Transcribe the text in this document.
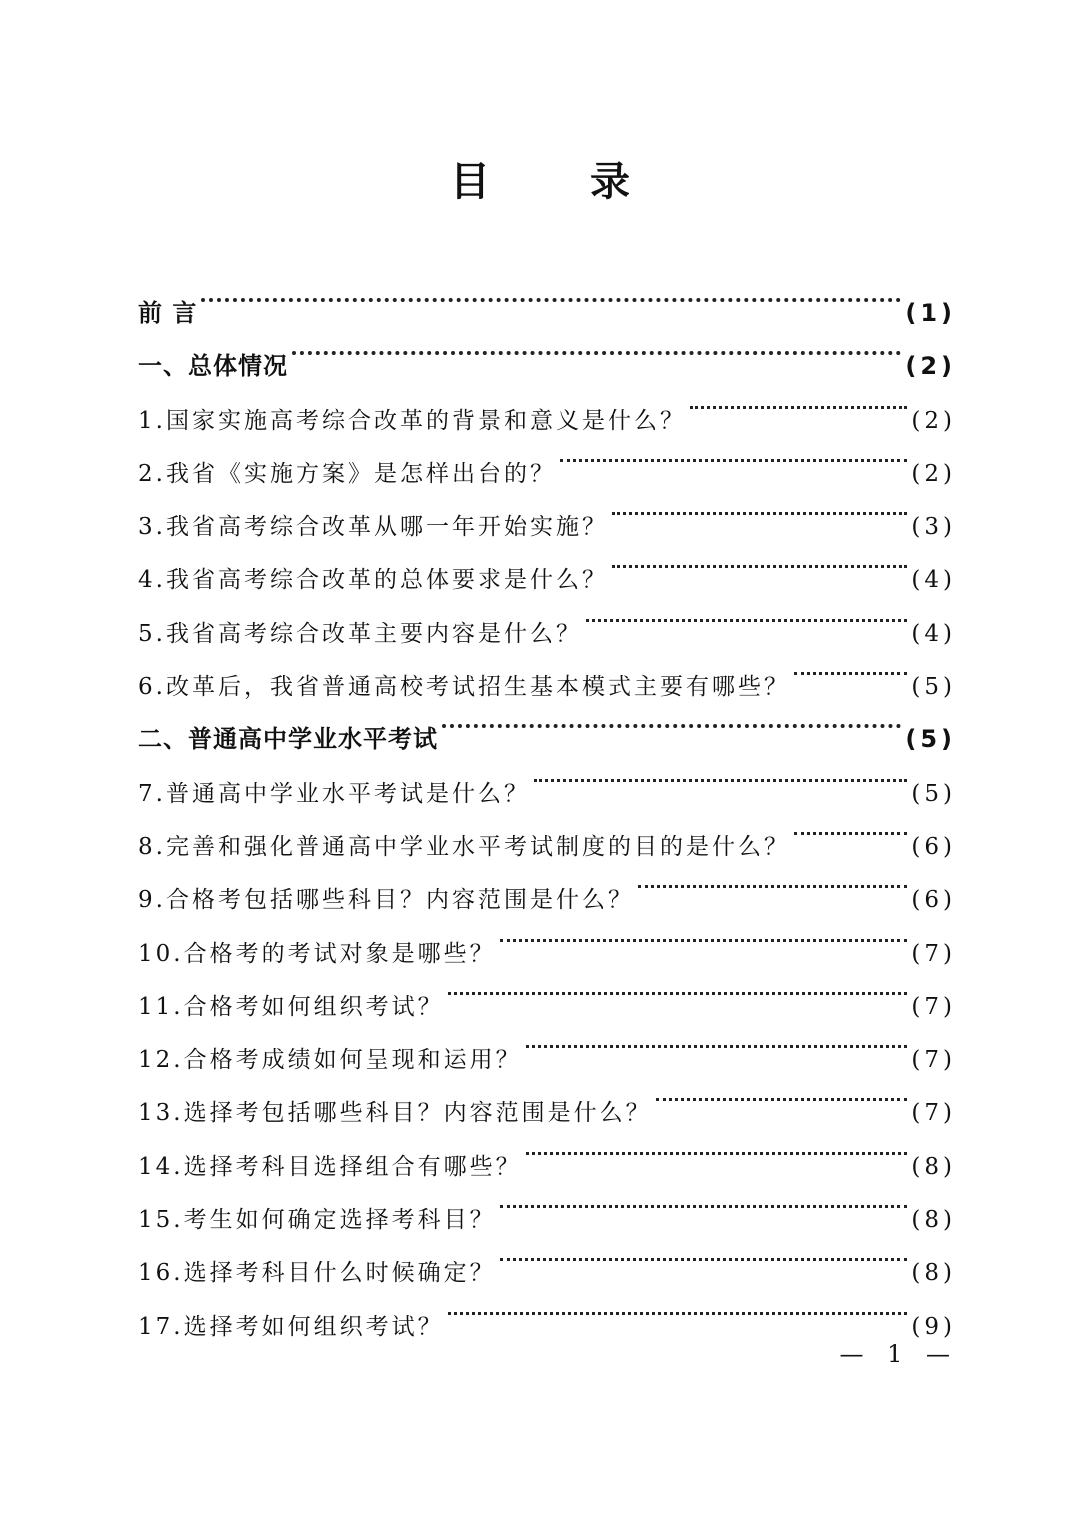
目	录
前 言	(1)
一、总体情况	(2)
1.国家实施高考综合改革的背景和意义是什么？	(2)
2.我省《实施方案》是怎样出台的？	(2)
3.我省高考综合改革从哪一年开始实施？	(3)
4.我省高考综合改革的总体要求是什么？	(4)
5.我省高考综合改革主要内容是什么？	(4)
6.改革后，我省普通高校考试招生基本模式主要有哪些？	(5)
二、普通高中学业水平考试	(5)
7.普通高中学业水平考试是什么？	(5)
8.完善和强化普通高中学业水平考试制度的目的是什么？	(6)
9.合格考包括哪些科目？内容范围是什么？	(6)
10.合格考的考试对象是哪些？	(7)
11.合格考如何组织考试？	(7)
12.合格考成绩如何呈现和运用？	(7)
13.选择考包括哪些科目？内容范围是什么？	(7)
14.选择考科目选择组合有哪些？	(8)
15.考生如何确定选择考科目？	(8)
16.选择考科目什么时候确定？	(8)
17.选择考如何组织考试？	(9)
— 1 —
